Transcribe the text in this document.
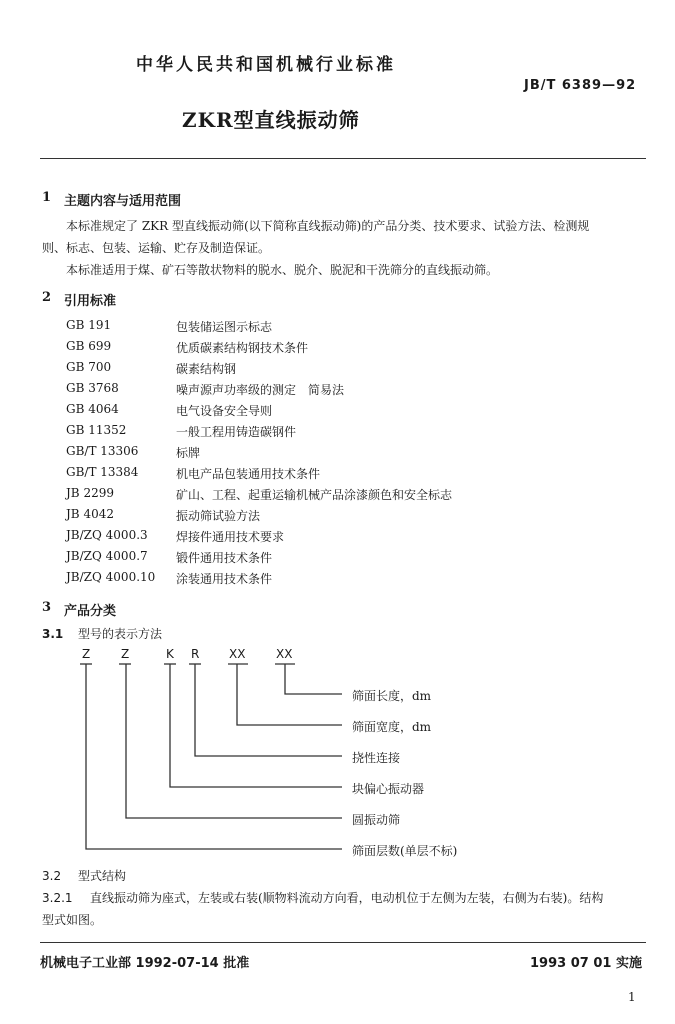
中华人民共和国机械行业标准
JB/T 6389—92
ZKR型直线振动筛
1 主题内容与适用范围
本标准规定了 ZKR 型直线振动筛(以下简称直线振动筛)的产品分类、技术要求、试验方法、检测规
则、标志、包装、运输、贮存及制造保证。
本标准适用于煤、矿石等散状物料的脱水、脱介、脱泥和干洗筛分的直线振动筛。
2 引用标准
GB 191	包装储运图示标志
GB 699	优质碳素结构钢技术条件
GB 700	碳素结构钢
GB 3768	噪声源声功率级的测定　简易法
GB 4064	电气设备安全导则
GB 11352	一般工程用铸造碳钢件
GB/T 13306	标牌
GB/T 13384	机电产品包装通用技术条件
JB 2299	矿山、工程、起重运输机械产品涂漆颜色和安全标志
JB 4042	振动筛试验方法
JB/ZQ 4000.3 焊接件通用技术要求
JB/ZQ 4000.7 锻件通用技术条件
JB/ZQ 4000.10 涂装通用技术条件
3 产品分类
3.1 型号的表示方法
Z	Z	K R XX	XX
筛面长度，dm
筛面宽度，dm
挠性连接
块偏心振动器
圆振动筛
筛面层数(单层不标)
3.2 型式结构
3.2.1 直线振动筛为座式，左装或右装(顺物料流动方向看，电动机位于左侧为左装，右侧为右装)。结构
型式如图。
机械电子工业部 1992-07-14 批准	1993 07 01 实施
1
